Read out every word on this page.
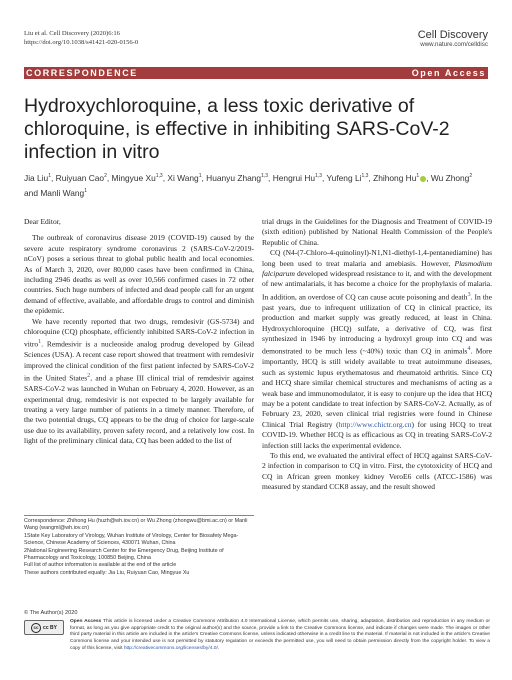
Liu et al. Cell Discovery (2020)6:16
https://doi.org/10.1038/s41421-020-0156-0
Cell Discovery
www.nature.com/celldisc
CORRESPONDENCE	Open Access
Hydroxychloroquine, a less toxic derivative of chloroquine, is effective in inhibiting SARS-CoV-2 infection in vitro
Jia Liu$^1$, Ruiyuan Cao$^2$, Mingyue Xu$^{1,3}$, Xi Wang$^1$, Huanyu Zhang$^{1,3}$, Hengrui Hu$^{1,3}$, Yufeng Li$^{1,3}$, Zhihong Hu$^1$ , Wu Zhong$^2$ and Manli Wang$^1$

Dear Editor,

The outbreak of coronavirus disease 2019 (COVID-19) caused by the severe acute respiratory syndrome coronavirus 2 (SARS-CoV-2/2019-nCoV) poses a serious threat to global public health and local economies. As of March 3, 2020, over 80,000 cases have been confirmed in China, including 2946 deaths as well as over 10,566 confirmed cases in 72 other countries. Such huge numbers of infected and dead people call for an urgent demand of effective, available, and affordable drugs to control and diminish the epidemic.

We have recently reported that two drugs, remdesivir (GS-5734) and chloroquine (CQ) phosphate, efficiently inhibited SARS-CoV-2 infection in vitro$^1$. Remdesivir is a nucleoside analog prodrug developed by Gilead Sciences (USA). A recent case report showed that treatment with remdesivir improved the clinical condition of the first patient infected by SARS-CoV-2 in the United States$^2$, and a phase III clinical trial of remdesivir against SARS-CoV-2 was launched in Wuhan on February 4, 2020. However, as an experimental drug, remdesivir is not expected to be largely available for treating a very large number of patients in a timely manner. Therefore, of the two potential drugs, CQ appears to be the drug of choice for large-scale use due to its availability, proven safety record, and a relatively low cost. In light of the preliminary clinical data, CQ has been added to the list of

trial drugs in the Guidelines for the Diagnosis and Treatment of COVID-19 (sixth edition) published by National Health Commission of the People's Republic of China.

CQ (N4-(7-Chloro-4-quinolinyl)-N1,N1-diethyl-1,4-pentanediamine) has long been used to treat malaria and amebiasis. However, Plasmodium falciparum developed widespread resistance to it, and with the development of new antimalarials, it has become a choice for the prophylaxis of malaria. In addition, an overdose of CQ can cause acute poisoning and death$^3$. In the past years, due to infrequent utilization of CQ in clinical practice, its production and market supply was greatly reduced, at least in China. Hydroxychloroquine (HCQ) sulfate, a derivative of CQ, was first synthesized in 1946 by introducing a hydroxyl group into CQ and was demonstrated to be much less (~40%) toxic than CQ in animals$^4$. More importantly, HCQ is still widely available to treat autoimmune diseases, such as systemic lupus erythematosus and rheumatoid arthritis. Since CQ and HCQ share similar chemical structures and mechanisms of acting as a weak base and immunomodulator, it is easy to conjure up the idea that HCQ may be a potent candidate to treat infection by SARS-CoV-2. Actually, as of February 23, 2020, seven clinical trial registries were found in Chinese Clinical Trial Registry (http://www.chictr.org.cn) for using HCQ to treat COVID-19. Whether HCQ is as efficacious as CQ in treating SARS-CoV-2 infection still lacks the experimental evidence.

To this end, we evaluated the antiviral effect of HCQ against SARS-CoV-2 infection in comparison to CQ in vitro. First, the cytotoxicity of HCQ and CQ in African green monkey kidney VeroE6 cells (ATCC-1586) was measured by standard CCK8 assay, and the result showed

Correspondence: Zhihong Hu (huzh@wh.iov.cn) or Wu Zhong (zhongwu@bmi.ac.cn) or Manli Wang (wangml@wh.iov.cn)

1State Key Laboratory of Virology, Wuhan Institute of Virology, Center for Biosafety Mega-Science, Chinese Academy of Sciences, 430071 Wuhan, China

2National Engineering Research Center for the Emergency Drug, Beijing Institute of Pharmacology and Toxicology, 100850 Beijing, China

Full list of author information is available at the end of the article

These authors contributed equally: Jia Liu, Ruiyuan Cao, Mingyue Xu

© The Author(s) 2020
cc cc BY
Open Access This article is licensed under a Creative Commons Attribution 4.0 International License, which permits use, sharing, adaptation, distribution and reproduction in any medium or format, as long as you give appropriate credit to the original author(s) and the source, provide a link to the Creative Commons license, and indicate if changes were made. The images or other third party material in this article are included in the article's Creative Commons license, unless indicated otherwise in a credit line to the material. If material is not included in the article's Creative Commons license and your intended use is not permitted by statutory regulation or exceeds the permitted use, you will need to obtain permission directly from the copyright holder. To view a copy of this license, visit http://creativecommons.org/licenses/by/4.0/.
